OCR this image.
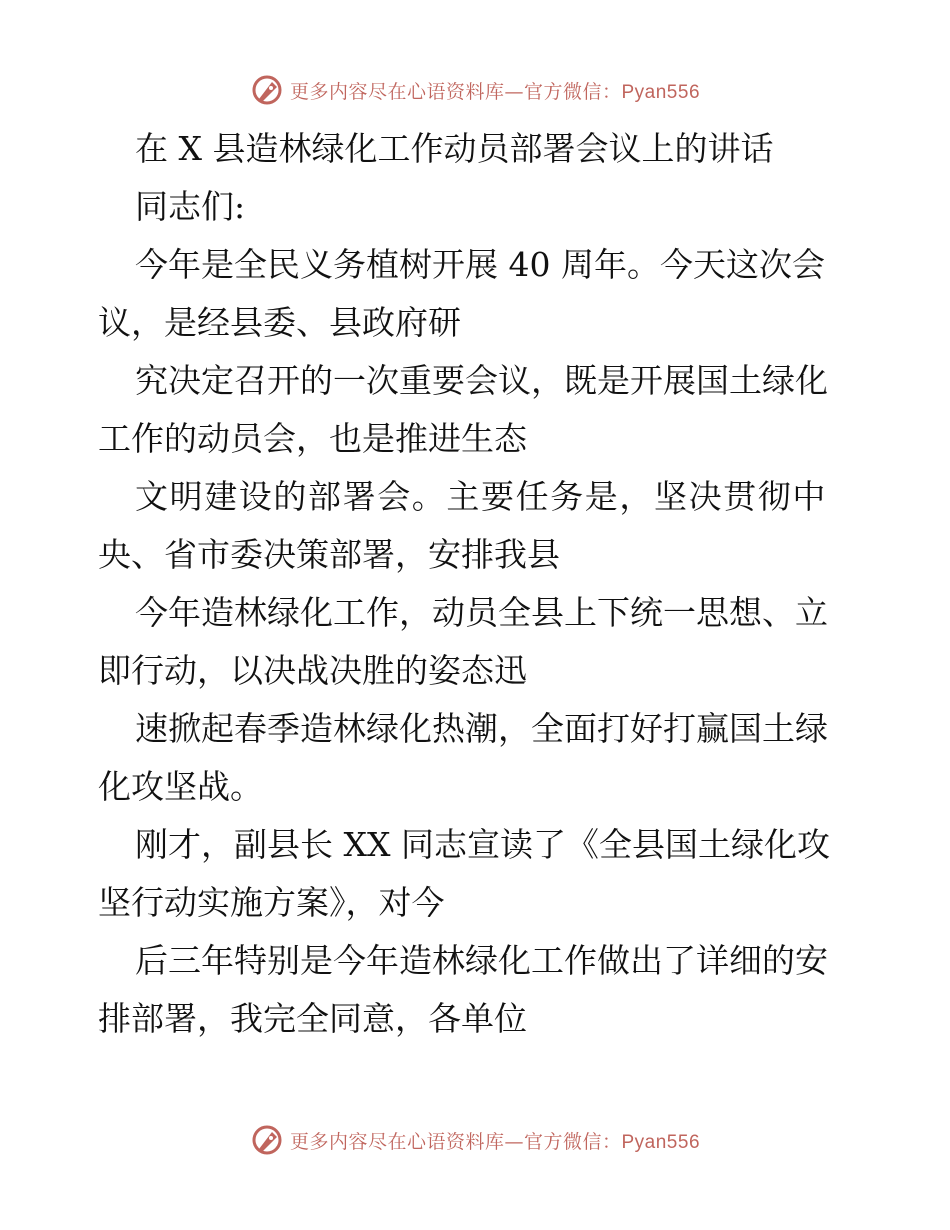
更多内容尽在心语资料库—官方微信：Pyan556
在 X 县造林绿化工作动员部署会议上的讲话
同志们:
今年是全民义务植树开展 40 周年。今天这次会
议，是经县委、县政府研
究决定召开的一次重要会议，既是开展国土绿化
工作的动员会，也是推进生态
文明建设的部署会。主要任务是，坚决贯彻中
央、省市委决策部署，安排我县
今年造林绿化工作，动员全县上下统一思想、立
即行动，以决战决胜的姿态迅
速掀起春季造林绿化热潮，全面打好打赢国土绿
化攻坚战。
刚才，副县长 XX 同志宣读了《全县国土绿化攻
坚行动实施方案》，对今
后三年特别是今年造林绿化工作做出了详细的安
排部署，我完全同意，各单位
更多内容尽在心语资料库—官方微信：Pyan556
